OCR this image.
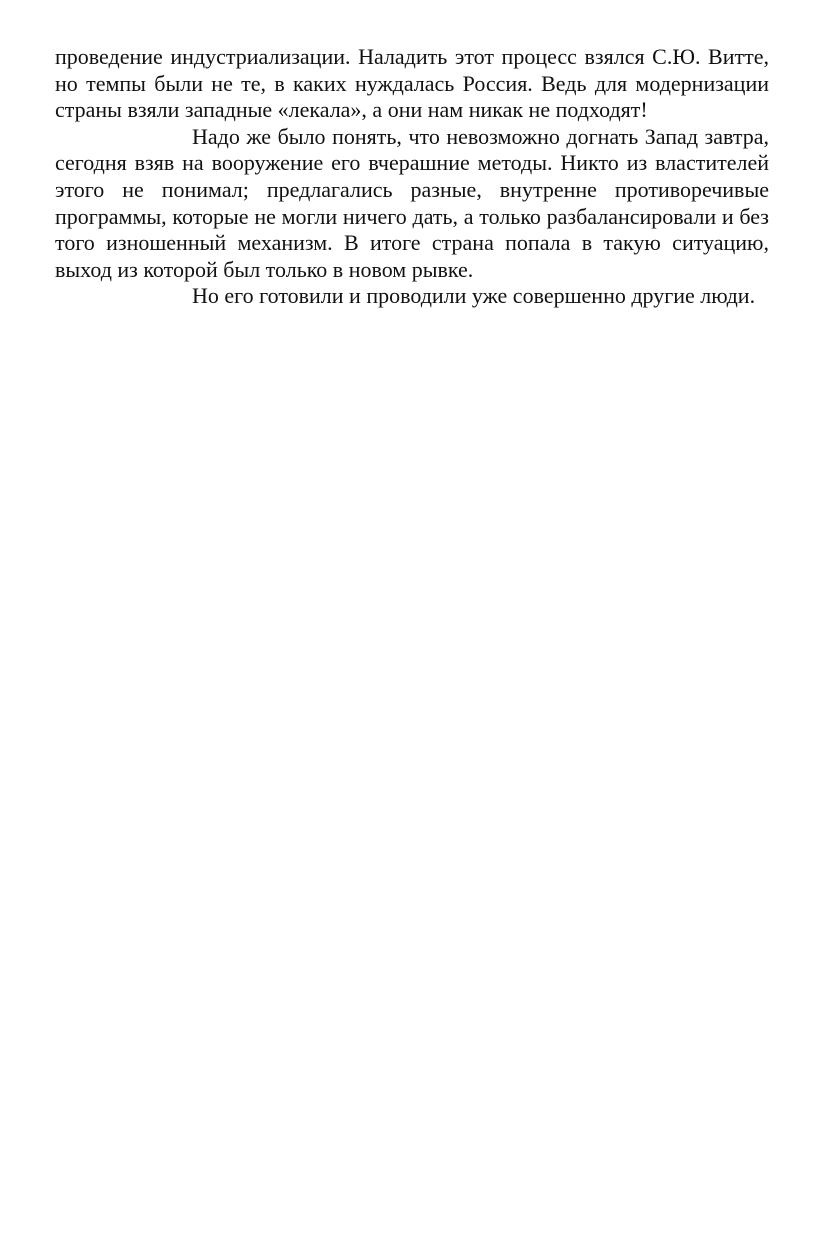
проведение индустриализации. Наладить этот процесс взялся С.Ю. Витте, но темпы были не те, в каких нуждалась Россия. Ведь для модернизации страны взяли западные «лекала», а они нам никак не подходят!

Надо же было понять, что невозможно догнать Запад завтра, сегодня взяв на вооружение его вчерашние методы. Никто из властителей этого не понимал; предлагались разные, внутренне противоречивые программы, которые не могли ничего дать, а только разбалансировали и без того изношенный механизм. В итоге страна попала в такую ситуацию, выход из которой был только в новом рывке.

Но его готовили и проводили уже совершенно другие люди.
